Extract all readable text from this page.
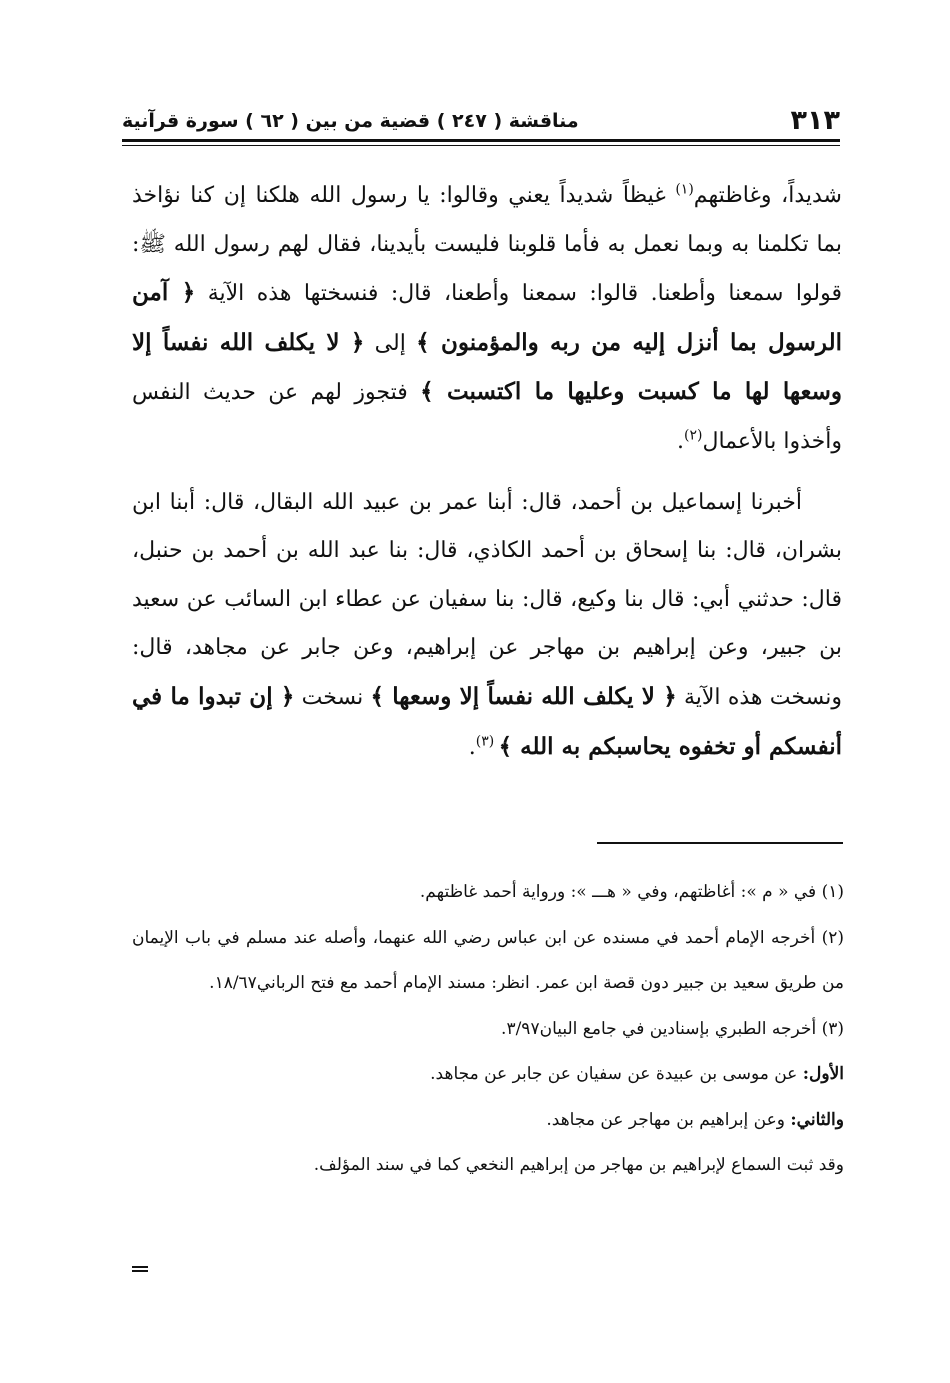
٣١٣
مناقشة ( ٢٤٧ ) قضية من بين ( ٦٢ ) سورة قرآنية

شديداً، وغاظتهم$^{(١)}$ غيظاً شديداً يعني وقالوا: يا رسول الله هلكنا إن كنا نؤاخذ بما تكلمنا به وبما نعمل به فأما قلوبنا فليست بأيدينا، فقال لهم رسول الله ﷺ: قولوا سمعنا وأطعنا. قالوا: سمعنا وأطعنا، قال: فنسختها هذه الآية ﴿ آمن الرسول بما أنزل إليه من ربه والمؤمنون ﴾ إلى ﴿ لا يكلف الله نفساً إلا وسعها لها ما كسبت وعليها ما اكتسبت ﴾ فتجوز لهم عن حديث النفس وأخذوا بالأعمال$^{(٢)}$.

أخبرنا إسماعيل بن أحمد، قال: أبنا عمر بن عبيد الله البقال، قال: أبنا ابن بشران، قال: بنا إسحاق بن أحمد الكاذي، قال: بنا عبد الله بن أحمد بن حنبل، قال: حدثني أبي: قال بنا وكيع، قال: بنا سفيان عن عطاء ابن السائب عن سعيد بن جبير، وعن إبراهيم بن مهاجر عن إبراهيم، وعن جابر عن مجاهد، قال: ونسخت هذه الآية ﴿ لا يكلف الله نفساً إلا وسعها ﴾ نسخت ﴿ إن تبدوا ما في أنفسكم أو تخفوه يحاسبكم به الله ﴾ $^{(٣)}$.

(١) في « م »: أغاظتهم، وفي « هـــ »: ورواية أحمد غاظتهم.

(٢) أخرجه الإمام أحمد في مسنده عن ابن عباس رضي الله عنهما، وأصله عند مسلم في باب الإيمان من طريق سعيد بن جبير دون قصة ابن عمر. انظر: مسند الإمام أحمد مع فتح الرباني١٨/٦٧.

(٣) أخرجه الطبري بإسنادين في جامع البيان٣/٩٧.

الأول: عن موسى بن عبيدة عن سفيان عن جابر عن مجاهد.

والثاني: وعن إبراهيم بن مهاجر عن مجاهد.

وقد ثبت السماع لإبراهيم بن مهاجر من إبراهيم النخعي كما في سند المؤلف.
